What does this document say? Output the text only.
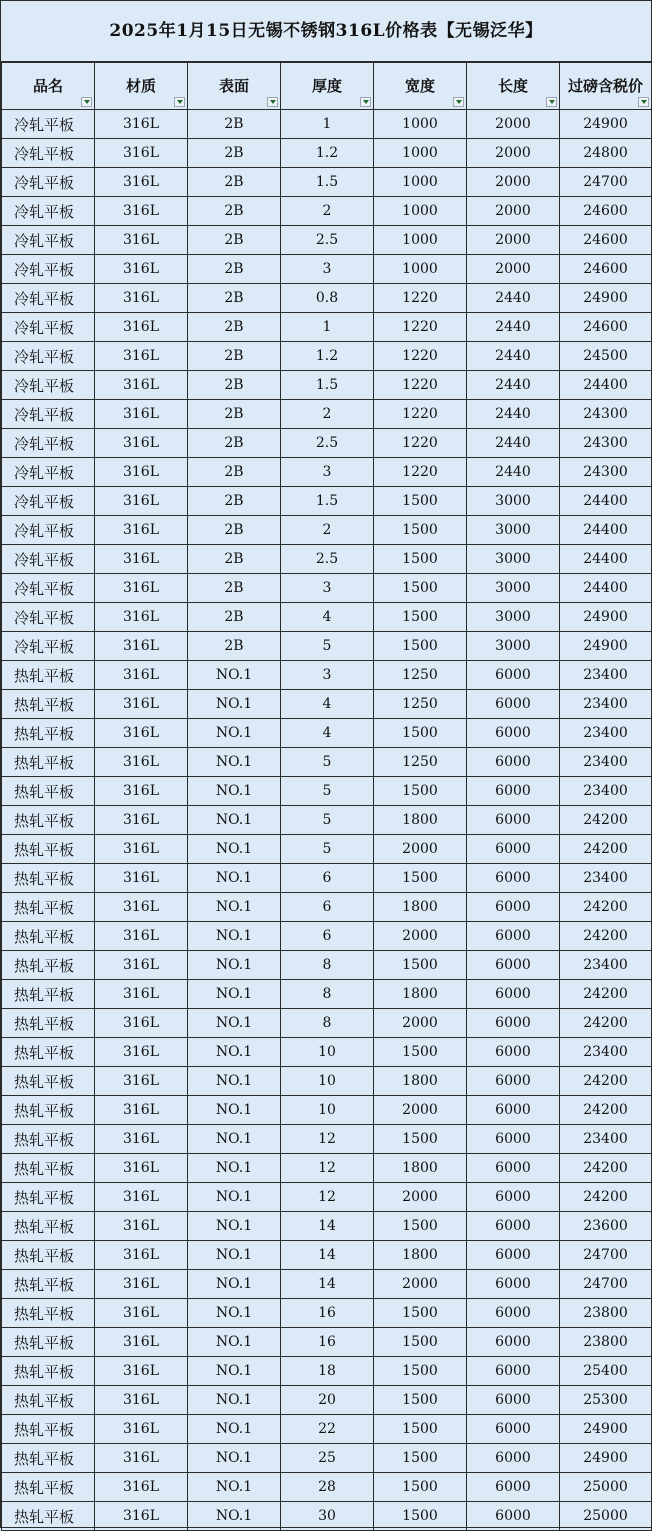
2025年1月15日无锡不锈钢316L价格表【无锡泛华】
品名	材质	表面	厚度	宽度	长度	过磅含税价

冷轧平板	316L	2B	1	1000	2000	24900
冷轧平板	316L	2B	1.2	1000	2000	24800
冷轧平板	316L	2B	1.5	1000	2000	24700
冷轧平板	316L	2B	2	1000	2000	24600
冷轧平板	316L	2B	2.5	1000	2000	24600
冷轧平板	316L	2B	3	1000	2000	24600
冷轧平板	316L	2B	0.8	1220	2440	24900
冷轧平板	316L	2B	1	1220	2440	24600
冷轧平板	316L	2B	1.2	1220	2440	24500
冷轧平板	316L	2B	1.5	1220	2440	24400
冷轧平板	316L	2B	2	1220	2440	24300
冷轧平板	316L	2B	2.5	1220	2440	24300
冷轧平板	316L	2B	3	1220	2440	24300
冷轧平板	316L	2B	1.5	1500	3000	24400
冷轧平板	316L	2B	2	1500	3000	24400
冷轧平板	316L	2B	2.5	1500	3000	24400
冷轧平板	316L	2B	3	1500	3000	24400
冷轧平板	316L	2B	4	1500	3000	24900
冷轧平板	316L	2B	5	1500	3000	24900
热轧平板	316L	NO.1	3	1250	6000	23400
热轧平板	316L	NO.1	4	1250	6000	23400
热轧平板	316L	NO.1	4	1500	6000	23400
热轧平板	316L	NO.1	5	1250	6000	23400
热轧平板	316L	NO.1	5	1500	6000	23400
热轧平板	316L	NO.1	5	1800	6000	24200
热轧平板	316L	NO.1	5	2000	6000	24200
热轧平板	316L	NO.1	6	1500	6000	23400
热轧平板	316L	NO.1	6	1800	6000	24200
热轧平板	316L	NO.1	6	2000	6000	24200
热轧平板	316L	NO.1	8	1500	6000	23400
热轧平板	316L	NO.1	8	1800	6000	24200
热轧平板	316L	NO.1	8	2000	6000	24200
热轧平板	316L	NO.1	10	1500	6000	23400
热轧平板	316L	NO.1	10	1800	6000	24200
热轧平板	316L	NO.1	10	2000	6000	24200
热轧平板	316L	NO.1	12	1500	6000	23400
热轧平板	316L	NO.1	12	1800	6000	24200
热轧平板	316L	NO.1	12	2000	6000	24200
热轧平板	316L	NO.1	14	1500	6000	23600
热轧平板	316L	NO.1	14	1800	6000	24700
热轧平板	316L	NO.1	14	2000	6000	24700
热轧平板	316L	NO.1	16	1500	6000	23800
热轧平板	316L	NO.1	16	1500	6000	23800
热轧平板	316L	NO.1	18	1500	6000	25400
热轧平板	316L	NO.1	20	1500	6000	25300
热轧平板	316L	NO.1	22	1500	6000	24900
热轧平板	316L	NO.1	25	1500	6000	24900
热轧平板	316L	NO.1	28	1500	6000	25000
热轧平板	316L	NO.1	30	1500	6000	25000
